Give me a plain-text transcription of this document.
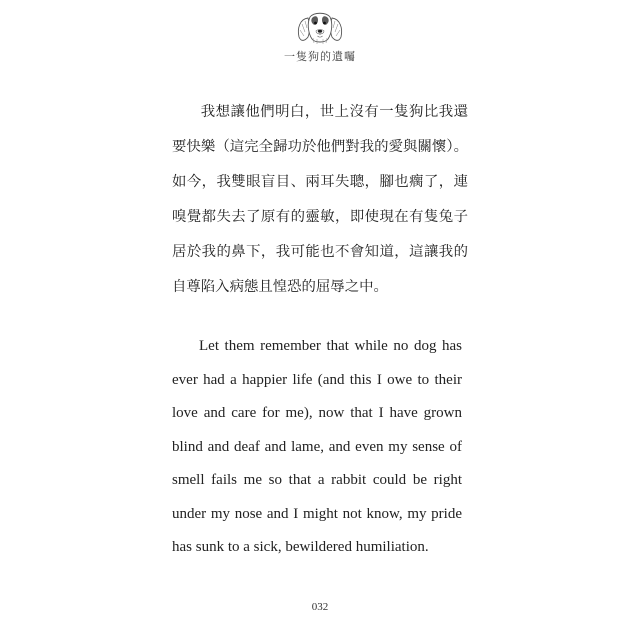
一隻狗的遺囑

我想讓他們明白，世上沒有一隻狗比我還要快樂（這完全歸功於他們對我的愛與關懷）。如今，我雙眼盲目、兩耳失聰，腳也瘸了，連嗅覺都失去了原有的靈敏，即使現在有隻兔子居於我的鼻下，我可能也不會知道，這讓我的自尊陷入病態且惶恐的屈辱之中。

Let them remember that while no dog has ever had a happier life (and this I owe to their love and care for me), now that I have grown blind and deaf and lame, and even my sense of smell fails me so that a rabbit could be right under my nose and I might not know, my pride has sunk to a sick, bewildered humiliation.

032
